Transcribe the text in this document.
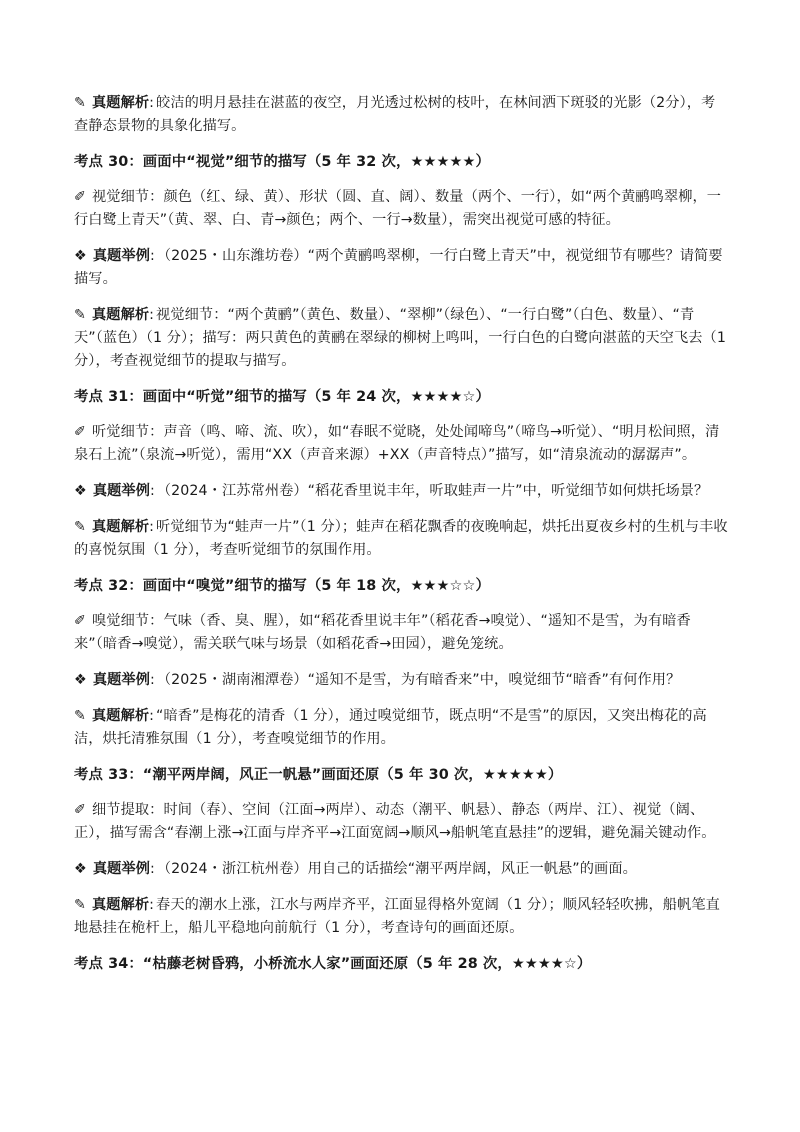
✎ 真题解析: 皎洁的明月悬挂在湛蓝的夜空，月光透过松树的枝叶，在林间洒下斑驳的光影（2分），考查静态景物的具象化描写。

考点 30：画面中“视觉”细节的描写（5 年 32 次，★★★★★）

✐ 视觉细节：颜色（红、绿、黄）、形状（圆、直、阔）、数量（两个、一行），如“两个黄鹂鸣翠柳，一行白鹭上青天”（黄、翠、白、青→颜色；两个、一行→数量），需突出视觉可感的特征。

❖ 真题举例: （2025・山东潍坊卷）“两个黄鹂鸣翠柳，一行白鹭上青天”中，视觉细节有哪些？请简要描写。

✎ 真题解析: 视觉细节：“两个黄鹂”（黄色、数量）、“翠柳”（绿色）、“一行白鹭”（白色、数量）、“青天”（蓝色）（1 分）；描写：两只黄色的黄鹂在翠绿的柳树上鸣叫，一行白色的白鹭向湛蓝的天空飞去（1 分），考查视觉细节的提取与描写。

考点 31：画面中“听觉”细节的描写（5 年 24 次，★★★★☆）

✐ 听觉细节：声音（鸣、啼、流、吹），如“春眠不觉晓，处处闻啼鸟”（啼鸟→听觉）、“明月松间照，清泉石上流”（泉流→听觉），需用“XX（声音来源）+XX（声音特点）”描写，如“清泉流动的潺潺声”。

❖ 真题举例: （2024・江苏常州卷）“稻花香里说丰年，听取蛙声一片”中，听觉细节如何烘托场景？

✎ 真题解析: 听觉细节为“蛙声一片”（1 分）；蛙声在稻花飘香的夜晚响起，烘托出夏夜乡村的生机与丰收的喜悦氛围（1 分），考查听觉细节的氛围作用。

考点 32：画面中“嗅觉”细节的描写（5 年 18 次，★★★☆☆）

✐ 嗅觉细节：气味（香、臭、腥），如“稻花香里说丰年”（稻花香→嗅觉）、“遥知不是雪，为有暗香来”（暗香→嗅觉），需关联气味与场景（如稻花香→田园），避免笼统。

❖ 真题举例: （2025・湖南湘潭卷）“遥知不是雪，为有暗香来”中，嗅觉细节“暗香”有何作用？

✎ 真题解析: “暗香”是梅花的清香（1 分），通过嗅觉细节，既点明“不是雪”的原因，又突出梅花的高洁，烘托清雅氛围（1 分），考查嗅觉细节的作用。

考点 33：“潮平两岸阔，风正一帆悬”画面还原（5 年 30 次，★★★★★）

✐ 细节提取：时间（春）、空间（江面→两岸）、动态（潮平、帆悬）、静态（两岸、江）、视觉（阔、正），描写需含“春潮上涨→江面与岸齐平→江面宽阔→顺风→船帆笔直悬挂”的逻辑，避免漏关键动作。

❖ 真题举例: （2024・浙江杭州卷）用自己的话描绘“潮平两岸阔，风正一帆悬”的画面。

✎ 真题解析: 春天的潮水上涨，江水与两岸齐平，江面显得格外宽阔（1 分）；顺风轻轻吹拂，船帆笔直地悬挂在桅杆上，船儿平稳地向前航行（1 分），考查诗句的画面还原。

考点 34：“枯藤老树昏鸦，小桥流水人家”画面还原（5 年 28 次，★★★★☆）
